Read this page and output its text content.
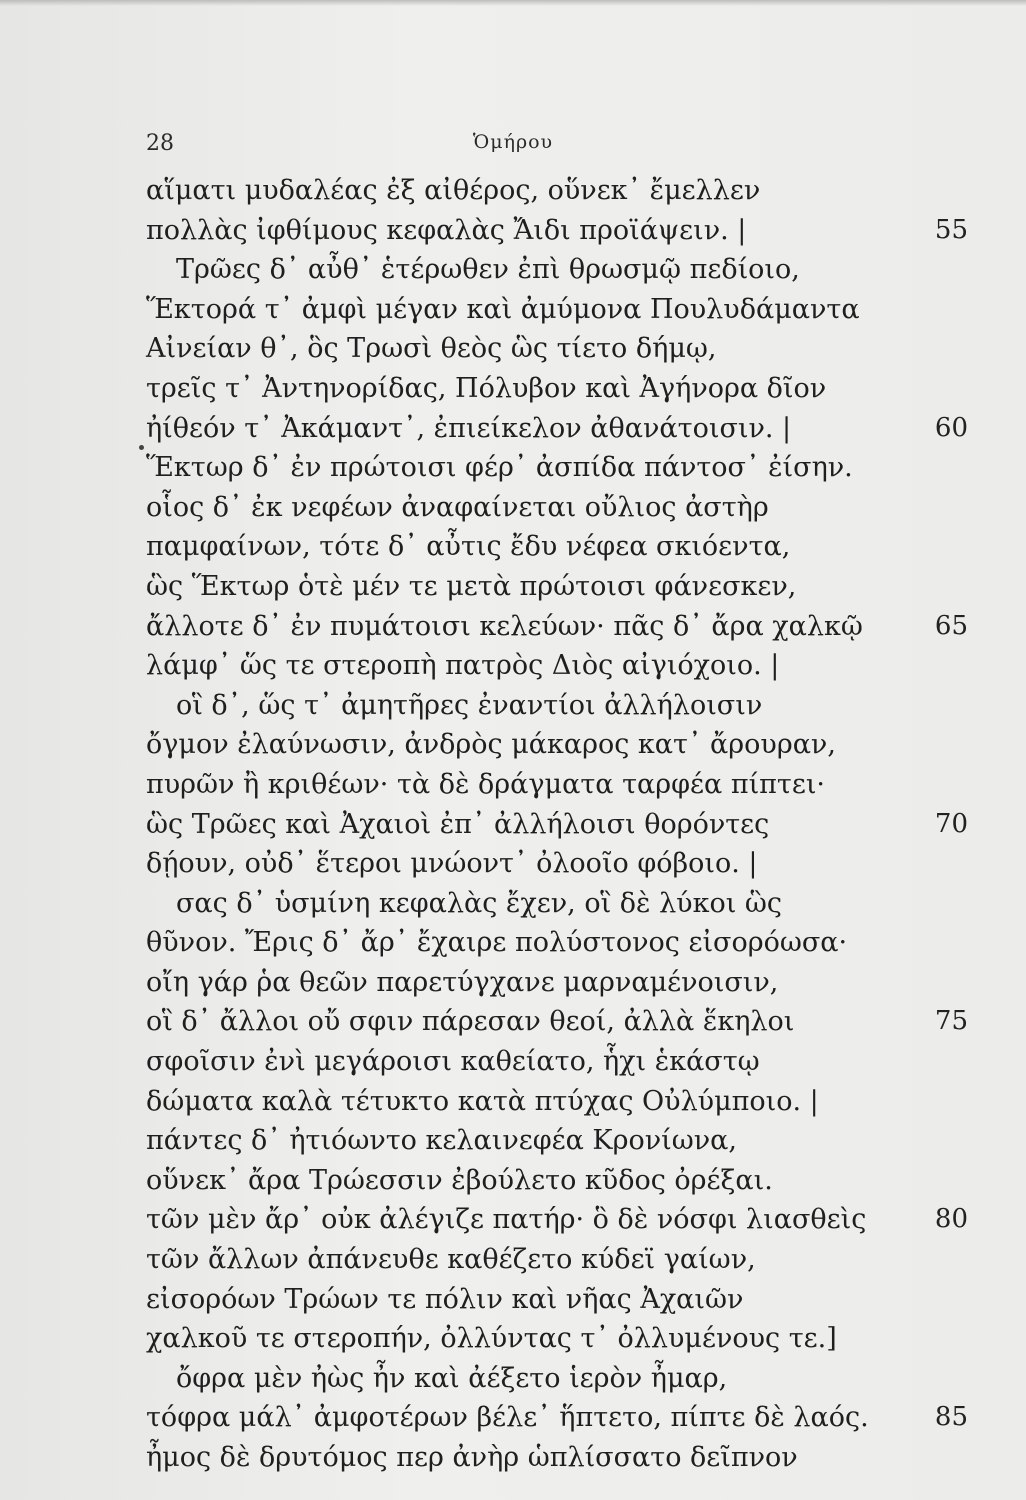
28	Ὁμήρου
αἵματι μυδαλέας ἐξ αἰθέρος, οὕνεκ᾽ ἔμελλεν
πολλὰς ἰφθίμους κεφαλὰς Ἄιδι προϊάψειν. |	55
Τρῶες δ᾽ αὖθ᾽ ἑτέρωθεν ἐπὶ θρωσμῷ πεδίοιο,
Ἕκτορά τ᾽ ἀμφὶ μέγαν καὶ ἀμύμονα Πουλυδάμαντα
Αἰνείαν θ᾽, ὃς Τρωσὶ θεὸς ὣς τίετο δήμῳ,
τρεῖς τ᾽ Ἀντηνορίδας, Πόλυβον καὶ Ἀγήνορα δῖον
ἠίθεόν τ᾽ Ἀκάμαντ᾽, ἐπιείκελον ἀθανάτοισιν. |	60
Ἕκτωρ δ᾽ ἐν πρώτοισι φέρ᾽ ἀσπίδα πάντοσ᾽ ἐίσην.
οἷος δ᾽ ἐκ νεφέων ἀναφαίνεται οὔλιος ἀστὴρ
παμφαίνων, τότε δ᾽ αὖτις ἔδυ νέφεα σκιόεντα,
ὣς Ἕκτωρ ὁτὲ μέν τε μετὰ πρώτοισι φάνεσκεν,
ἄλλοτε δ᾽ ἐν πυμάτοισι κελεύων· πᾶς δ᾽ ἄρα χαλκῷ	65
λάμφ᾽ ὥς τε στεροπὴ πατρὸς Διὸς αἰγιόχοιο. |
οἳ δ᾽, ὥς τ᾽ ἀμητῆρες ἐναντίοι ἀλλήλοισιν
ὄγμον ἐλαύνωσιν, ἀνδρὸς μάκαρος κατ᾽ ἄρουραν,
πυρῶν ἢ κριθέων· τὰ δὲ δράγματα ταρφέα πίπτει·
ὣς Τρῶες καὶ Ἀχαιοὶ ἐπ᾽ ἀλλήλοισι θορόντες	70
δῄουν, οὐδ᾽ ἕτεροι μνώοντ᾽ ὀλοοῖο φόβοιο. |
σας δ᾽ ὑσμίνη κεφαλὰς ἔχεν, οἳ δὲ λύκοι ὣς
θῦνον. Ἔρις δ᾽ ἄρ᾽ ἔχαιρε πολύστονος εἰσορόωσα·
οἴη γάρ ῥα θεῶν παρετύγχανε μαρναμένοισιν,
οἳ δ᾽ ἄλλοι οὔ σφιν πάρεσαν θεοί, ἀλλὰ ἕκηλοι	75
σφοῖσιν ἐνὶ μεγάροισι καθείατο, ἧχι ἑκάστῳ
δώματα καλὰ τέτυκτο κατὰ πτύχας Οὐλύμποιο. |
πάντες δ᾽ ἠτιόωντο κελαινεφέα Κρονίωνα,
οὕνεκ᾽ ἄρα Τρώεσσιν ἐβούλετο κῦδος ὀρέξαι.
τῶν μὲν ἄρ᾽ οὐκ ἀλέγιζε πατήρ· ὃ δὲ νόσφι λιασθεὶς	80
τῶν ἄλλων ἀπάνευθε καθέζετο κύδεϊ γαίων,
εἰσορόων Τρώων τε πόλιν καὶ νῆας Ἀχαιῶν
χαλκοῦ τε στεροπήν, ὀλλύντας τ᾽ ὀλλυμένους τε.]
ὄφρα μὲν ἠὼς ἦν καὶ ἀέξετο ἱερὸν ἦμαρ,
τόφρα μάλ᾽ ἀμφοτέρων βέλε᾽ ἥπτετο, πίπτε δὲ λαός.	85
ἦμος δὲ δρυτόμος περ ἀνὴρ ὡπλίσσατο δεῖπνον
